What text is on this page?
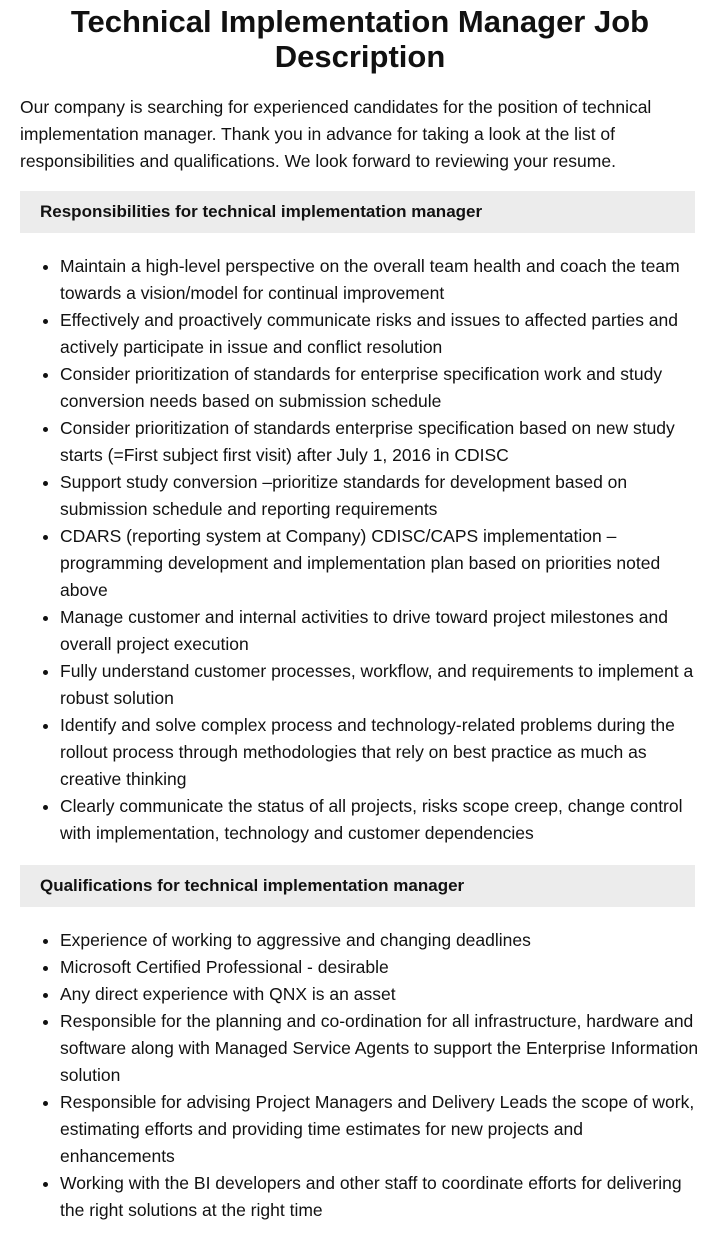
Technical Implementation Manager Job Description

Our company is searching for experienced candidates for the position of technical implementation manager. Thank you in advance for taking a look at the list of responsibilities and qualifications. We look forward to reviewing your resume.

Responsibilities for technical implementation manager
• Maintain a high-level perspective on the overall team health and coach the team towards a vision/model for continual improvement
• Effectively and proactively communicate risks and issues to affected parties and actively participate in issue and conflict resolution
• Consider prioritization of standards for enterprise specification work and study conversion needs based on submission schedule
• Consider prioritization of standards enterprise specification based on new study starts (=First subject first visit) after July 1, 2016 in CDISC
• Support study conversion –prioritize standards for development based on submission schedule and reporting requirements
• CDARS (reporting system at Company) CDISC/CAPS implementation – programming development and implementation plan based on priorities noted above
• Manage customer and internal activities to drive toward project milestones and overall project execution
• Fully understand customer processes, workflow, and requirements to implement a robust solution
• Identify and solve complex process and technology-related problems during the rollout process through methodologies that rely on best practice as much as creative thinking
• Clearly communicate the status of all projects, risks scope creep, change control with implementation, technology and customer dependencies
Qualifications for technical implementation manager
• Experience of working to aggressive and changing deadlines
• Microsoft Certified Professional - desirable
• Any direct experience with QNX is an asset
• Responsible for the planning and co-ordination for all infrastructure, hardware and software along with Managed Service Agents to support the Enterprise Information solution
• Responsible for advising Project Managers and Delivery Leads the scope of work, estimating efforts and providing time estimates for new projects and enhancements
• Working with the BI developers and other staff to coordinate efforts for delivering the right solutions at the right time
